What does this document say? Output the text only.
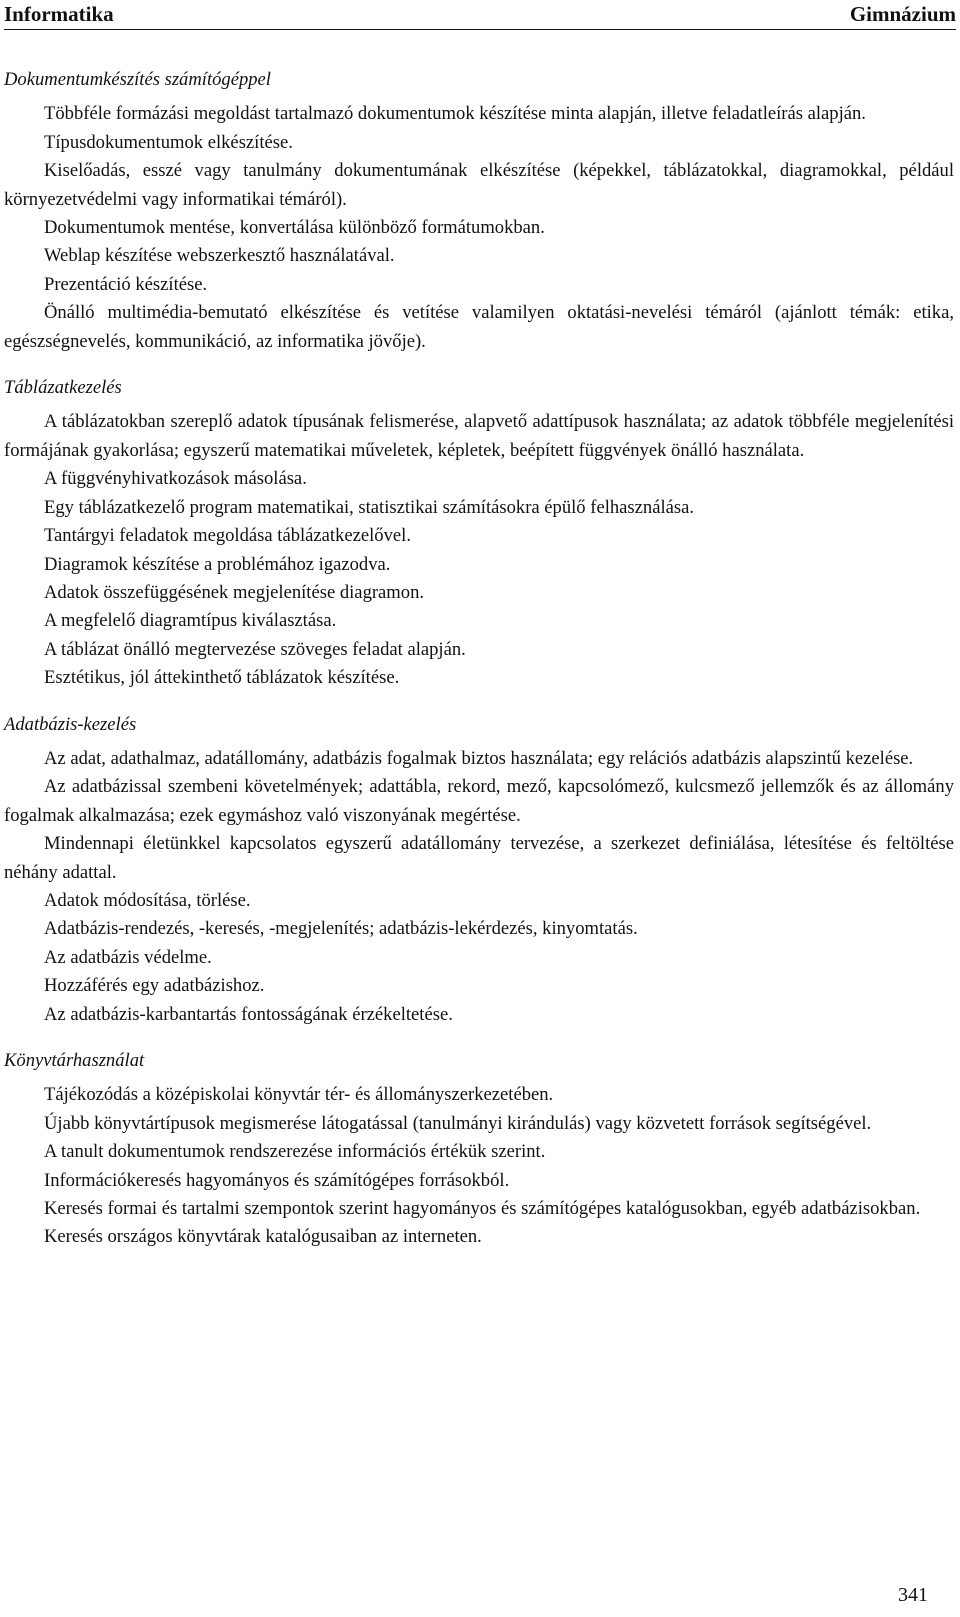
Informatika	Gimnázium
Dokumentumkészítés számítógéppel

Többféle formázási megoldást tartalmazó dokumentumok készítése minta alapján, illetve feladatleírás alapján.

Típusdokumentumok elkészítése.

Kiselőadás, esszé vagy tanulmány dokumentumának elkészítése (képekkel, táblázatokkal, diagramokkal, például környezetvédelmi vagy informatikai témáról).

Dokumentumok mentése, konvertálása különböző formátumokban.

Weblap készítése webszerkesztő használatával.

Prezentáció készítése.

Önálló multimédia-bemutató elkészítése és vetítése valamilyen oktatási-nevelési témáról (ajánlott témák: etika, egészségnevelés, kommunikáció, az informatika jövője).

Táblázatkezelés

A táblázatokban szereplő adatok típusának felismerése, alapvető adattípusok használata; az adatok többféle megjelenítési formájának gyakorlása; egyszerű matematikai műveletek, képletek, beépített függvények önálló használata.

A függvényhivatkozások másolása.

Egy táblázatkezelő program matematikai, statisztikai számításokra épülő felhasználása.

Tantárgyi feladatok megoldása táblázatkezelővel.

Diagramok készítése a problémához igazodva.

Adatok összefüggésének megjelenítése diagramon.

A megfelelő diagramtípus kiválasztása.

A táblázat önálló megtervezése szöveges feladat alapján.

Esztétikus, jól áttekinthető táblázatok készítése.

Adatbázis-kezelés

Az adat, adathalmaz, adatállomány, adatbázis fogalmak biztos használata; egy relációs adatbázis alapszintű kezelése.

Az adatbázissal szembeni követelmények; adattábla, rekord, mező, kapcsolómező, kulcsmező jellemzők és az állomány fogalmak alkalmazása; ezek egymáshoz való viszonyának megértése.

Mindennapi életünkkel kapcsolatos egyszerű adatállomány tervezése, a szerkezet definiálása, létesítése és feltöltése néhány adattal.

Adatok módosítása, törlése.

Adatbázis-rendezés, -keresés, -megjelenítés; adatbázis-lekérdezés, kinyomtatás.

Az adatbázis védelme.

Hozzáférés egy adatbázishoz.

Az adatbázis-karbantartás fontosságának érzékeltetése.

Könyvtárhasználat

Tájékozódás a középiskolai könyvtár tér- és állományszerkezetében.

Újabb könyvtártípusok megismerése látogatással (tanulmányi kirándulás) vagy közvetett források segítségével.

A tanult dokumentumok rendszerezése információs értékük szerint.

Információkeresés hagyományos és számítógépes forrásokból.

Keresés formai és tartalmi szempontok szerint hagyományos és számítógépes katalógusokban, egyéb adatbázisokban.

Keresés országos könyvtárak katalógusaiban az interneten.

341
